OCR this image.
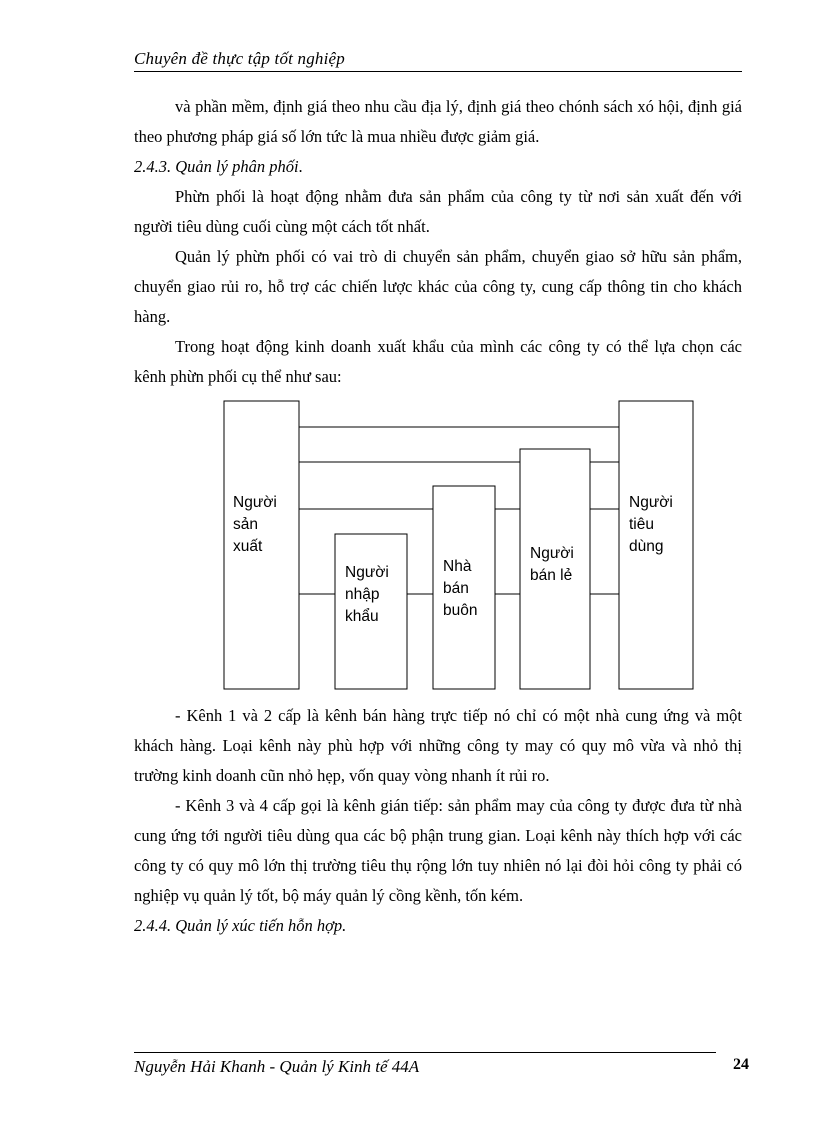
Chuyên đề thực tập tốt nghiệp

và phần mềm, định giá theo nhu cầu địa lý, định giá theo chónh sách xó hội, định giá theo phương pháp giá số lớn tức là mua nhiều được giảm giá.

2.4.3. Quản lý phân phối.

Phừn phối là hoạt động nhằm đưa sản phẩm của công ty từ nơi sản xuất đến với người tiêu dùng cuối cùng một cách tốt nhất.

Quản lý phừn phối có vai trò di chuyển sản phẩm, chuyển giao sở hữu sản phẩm, chuyển giao rủi ro, hỗ trợ các chiến lược khác của công ty, cung cấp thông tin cho khách hàng.

Trong hoạt động kinh doanh xuất khẩu của mình các công ty có thể lựa chọn các kênh phừn phối cụ thể như sau:

Người
sản
xuất
Người
nhập
khẩu
Nhà
bán
buôn
Người
bán lẻ
Người
tiêu
dùng

- Kênh 1 và 2 cấp là kênh bán hàng trực tiếp nó chỉ có một nhà cung ứng và một khách hàng. Loại kênh này phù hợp với những công ty may có quy mô vừa và nhỏ thị trường kinh doanh cũn nhỏ hẹp, vốn quay vòng nhanh ít rủi ro.

- Kênh 3 và 4 cấp gọi là kênh gián tiếp: sản phẩm may của công ty được đưa từ nhà cung ứng tới người tiêu dùng qua các bộ phận trung gian. Loại kênh này thích hợp với các công ty có quy mô lớn thị trường tiêu thụ rộng lớn tuy nhiên nó lại đòi hỏi công ty phải có nghiệp vụ quản lý tốt, bộ máy quản lý cồng kềnh, tốn kém.

2.4.4. Quản lý xúc tiến hỗn hợp.

Nguyễn Hải Khanh - Quản lý Kinh tế 44A	24
